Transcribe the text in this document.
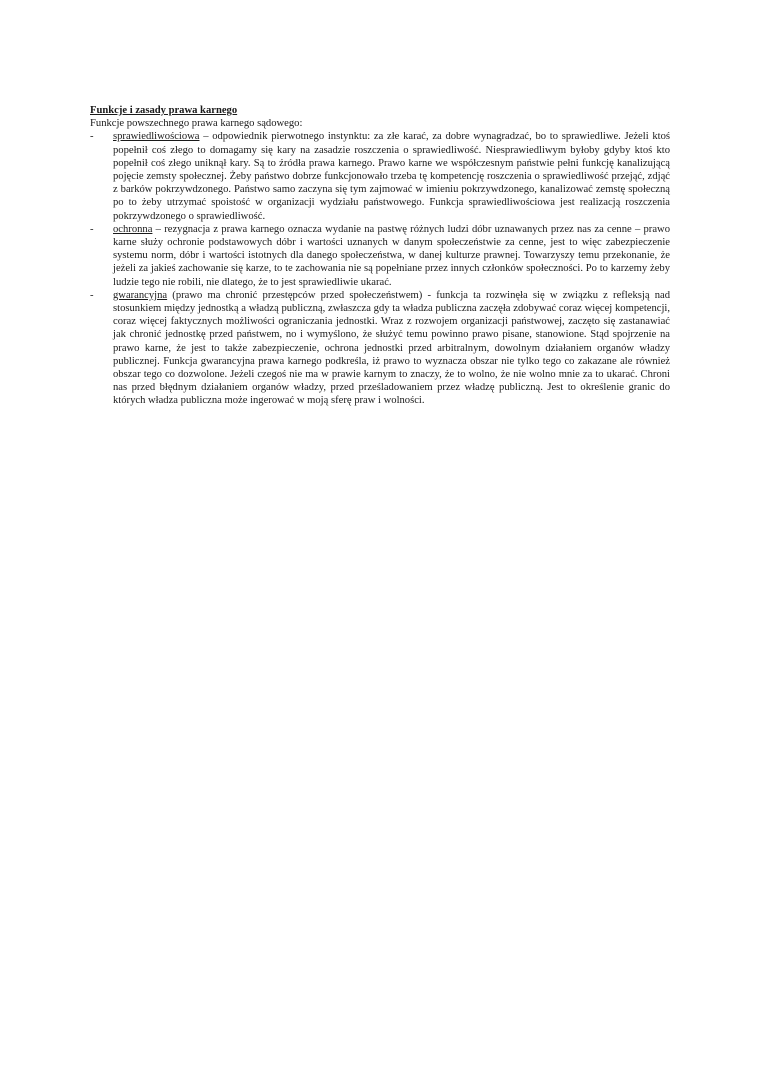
Funkcje i zasady prawa karnego

Funkcje powszechnego prawa karnego sądowego:

- sprawiedliwościowa – odpowiednik pierwotnego instynktu: za złe karać, za dobre wynagradzać, bo to sprawiedliwe. Jeżeli ktoś popełnił coś złego to domagamy się kary na zasadzie roszczenia o sprawiedliwość. Niesprawiedliwym byłoby gdyby ktoś kto popełnił coś złego uniknął kary. Są to źródła prawa karnego. Prawo karne we współczesnym państwie pełni funkcję kanalizującą pojęcie zemsty społecznej. Żeby państwo dobrze funkcjonowało trzeba tę kompetencję roszczenia o sprawiedliwość przejąć, zdjąć z barków pokrzywdzonego. Państwo samo zaczyna się tym zajmować w imieniu pokrzywdzonego, kanalizować zemstę społeczną po to żeby utrzymać spoistość w organizacji wydziału państwowego. Funkcja sprawiedliwościowa jest realizacją roszczenia pokrzywdzonego o sprawiedliwość.
- ochronna – rezygnacja z prawa karnego oznacza wydanie na pastwę różnych ludzi dóbr uznawanych przez nas za cenne – prawo karne służy ochronie podstawowych dóbr i wartości uznanych w danym społeczeństwie za cenne, jest to więc zabezpieczenie systemu norm, dóbr i wartości istotnych dla danego społeczeństwa, w danej kulturze prawnej. Towarzyszy temu przekonanie, że jeżeli za jakieś zachowanie się karze, to te zachowania nie są popełniane przez innych członków społeczności. Po to karzemy żeby ludzie tego nie robili, nie dlatego, że to jest sprawiedliwie ukarać.
- gwarancyjna (prawo ma chronić przestępców przed społeczeństwem) - funkcja ta rozwinęła się w związku z refleksją nad stosunkiem między jednostką a władzą publiczną, zwłaszcza gdy ta władza publiczna zaczęła zdobywać coraz więcej kompetencji, coraz więcej faktycznych możliwości ograniczania jednostki. Wraz z rozwojem organizacji państwowej, zaczęto się zastanawiać jak chronić jednostkę przed państwem, no i wymyślono, że służyć temu powinno prawo pisane, stanowione. Stąd spojrzenie na prawo karne, że jest to także zabezpieczenie, ochrona jednostki przed arbitralnym, dowolnym działaniem organów władzy publicznej. Funkcja gwarancyjna prawa karnego podkreśla, iż prawo to wyznacza obszar nie tylko tego co zakazane ale również obszar tego co dozwolone. Jeżeli czegoś nie ma w prawie karnym to znaczy, że to wolno, że nie wolno mnie za to ukarać. Chroni nas przed błędnym działaniem organów władzy, przed prześladowaniem przez władzę publiczną. Jest to określenie granic do których władza publiczna może ingerować w moją sferę praw i wolności.
